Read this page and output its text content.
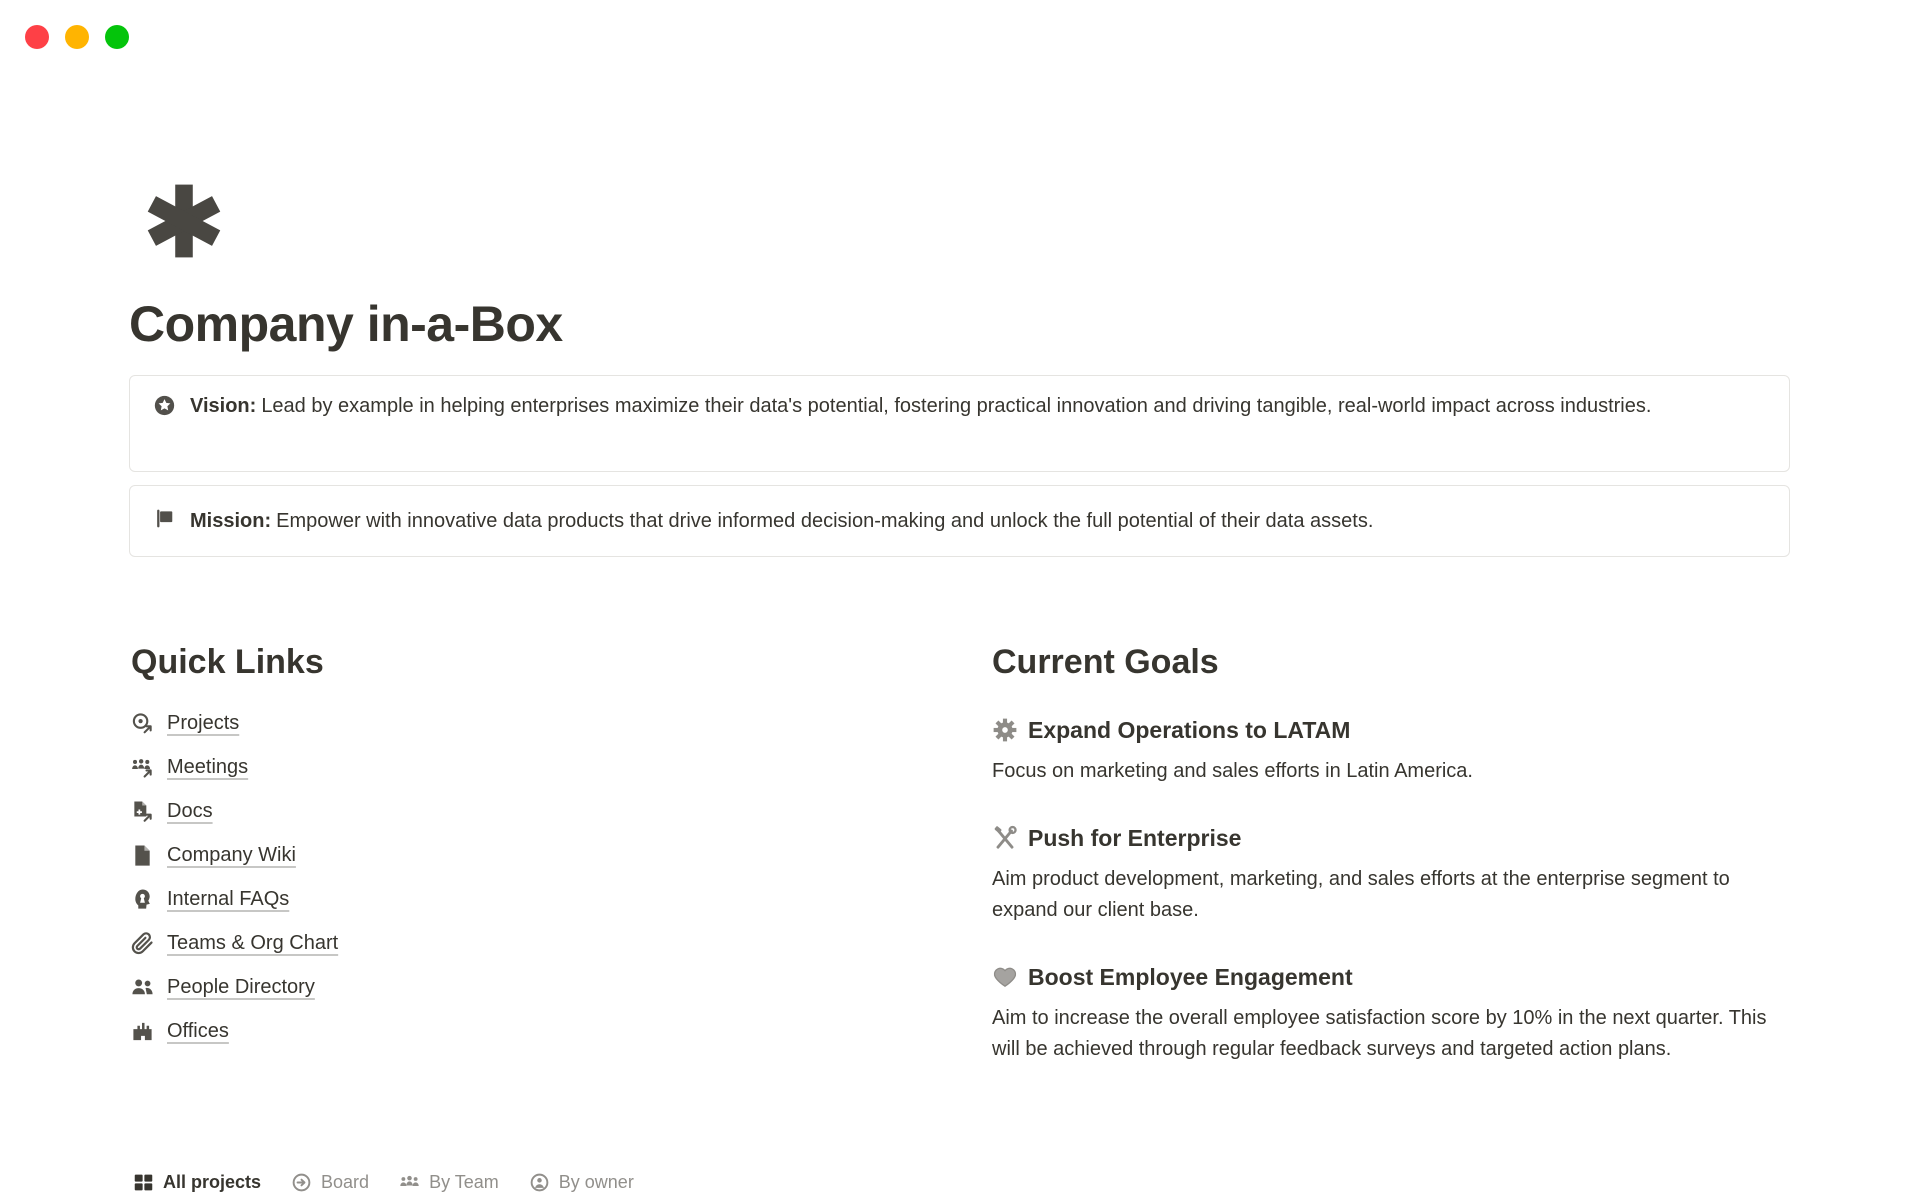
Company in-a-Box
Vision: Lead by example in helping enterprises maximize their data's potential, fostering practical innovation and driving tangible, real-world impact across industries.
Mission: Empower with innovative data products that drive informed decision-making and unlock the full potential of their data assets.
Quick Links
Projects
Meetings
Docs
Company Wiki
Internal FAQs
Teams & Org Chart
People Directory
Offices
Current Goals
Expand Operations to LATAM
Focus on marketing and sales efforts in Latin America.
Push for Enterprise
Aim product development, marketing, and sales efforts at the enterprise segment to expand our client base.
Boost Employee Engagement
Aim to increase the overall employee satisfaction score by 10% in the next quarter. This will be achieved through regular feedback surveys and targeted action plans.
All projects	Board	By Team	By owner
